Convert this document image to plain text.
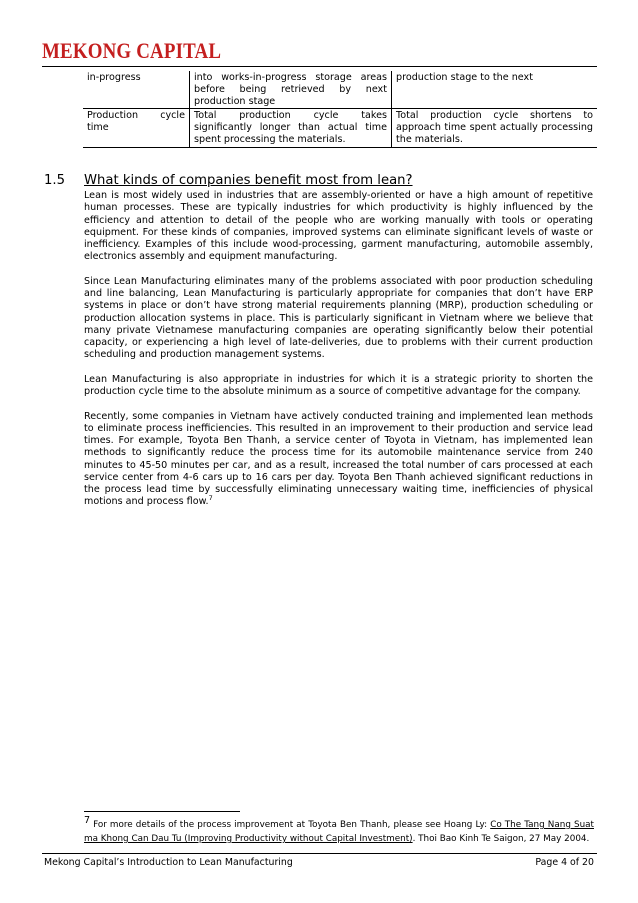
MEKONG CAPITAL
in-progress	into works-in-progress storage areas before being retrieved by next production stage	production stage to the next
Production cycle time	Total production cycle takes significantly longer than actual time spent processing the materials.	Total production cycle shortens to approach time spent actually processing the materials.
1.5 What kinds of companies benefit most from lean?

Lean is most widely used in industries that are assembly-oriented or have a high amount of repetitive human processes. These are typically industries for which productivity is highly influenced by the efficiency and attention to detail of the people who are working manually with tools or operating equipment. For these kinds of companies, improved systems can eliminate significant levels of waste or inefficiency. Examples of this include wood-processing, garment manufacturing, automobile assembly, electronics assembly and equipment manufacturing.

Since Lean Manufacturing eliminates many of the problems associated with poor production scheduling and line balancing, Lean Manufacturing is particularly appropriate for companies that don’t have ERP systems in place or don’t have strong material requirements planning (MRP), production scheduling or production allocation systems in place. This is particularly significant in Vietnam where we believe that many private Vietnamese manufacturing companies are operating significantly below their potential capacity, or experiencing a high level of late-deliveries, due to problems with their current production scheduling and production management systems.

Lean Manufacturing is also appropriate in industries for which it is a strategic priority to shorten the production cycle time to the absolute minimum as a source of competitive advantage for the company.

Recently, some companies in Vietnam have actively conducted training and implemented lean methods to eliminate process inefficiencies. This resulted in an improvement to their production and service lead times. For example, Toyota Ben Thanh, a service center of Toyota in Vietnam, has implemented lean methods to significantly reduce the process time for its automobile maintenance service from 240 minutes to 45-50 minutes per car, and as a result, increased the total number of cars processed at each service center from 4-6 cars up to 16 cars per day. Toyota Ben Thanh achieved significant reductions in the process lead time by successfully eliminating unnecessary waiting time, inefficiencies of physical motions and process flow.$^7$

7 For more details of the process improvement at Toyota Ben Thanh, please see Hoang Ly: Co The Tang Nang Suat ma Khong Can Dau Tu (Improving Productivity without Capital Investment). Thoi Bao Kinh Te Saigon, 27 May 2004.
Mekong Capital’s Introduction to Lean Manufacturing	Page 4 of 20
